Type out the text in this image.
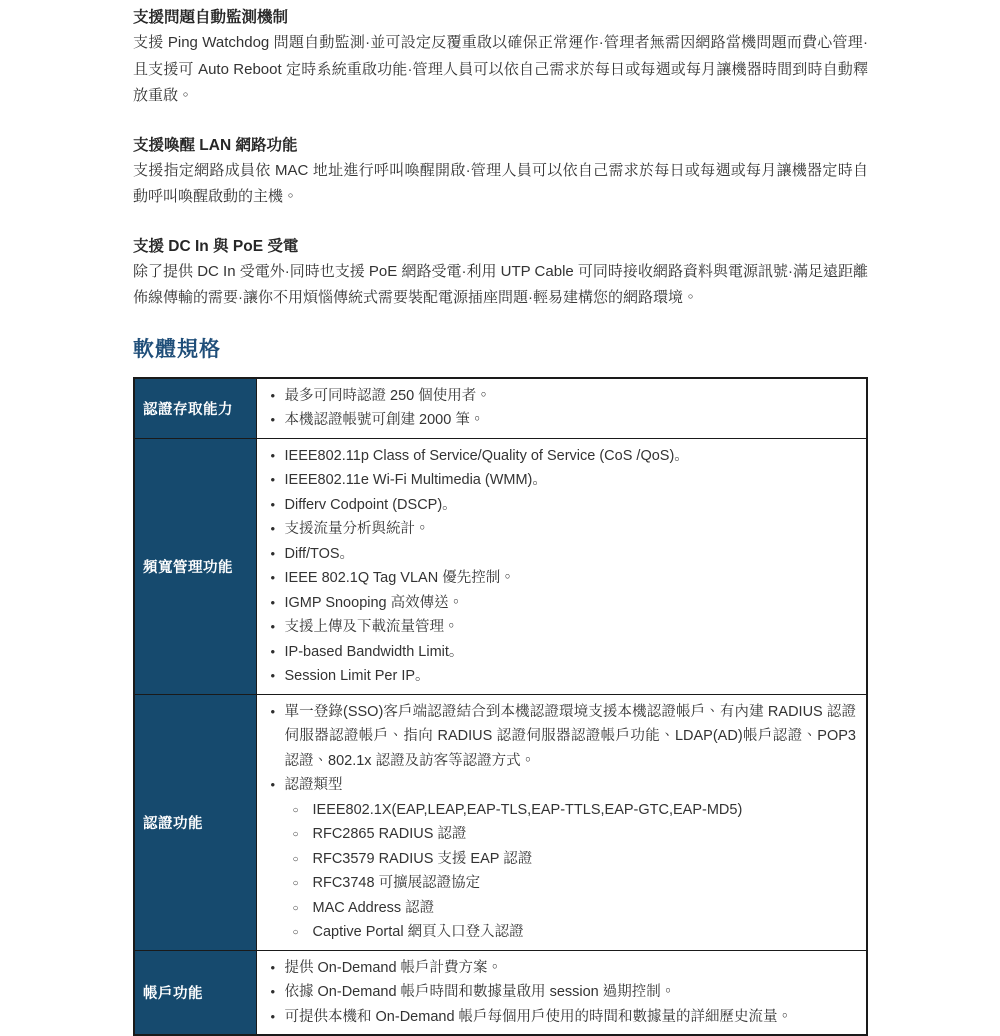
支援問題自動監測機制
支援 Ping Watchdog 問題自動監測·並可設定反覆重啟以確保正常運作·管理者無需因網路當機問題而費心管理·且支援可 Auto Reboot 定時系統重啟功能·管理人員可以依自己需求於每日或每週或每月讓機器時間到時自動釋放重啟。
支援喚醒 LAN 網路功能
支援指定網路成員依 MAC 地址進行呼叫喚醒開啟·管理人員可以依自己需求於每日或每週或每月讓機器定時自動呼叫喚醒啟動的主機。
支援 DC In 與 PoE 受電
除了提供 DC In 受電外·同時也支援 PoE 網路受電·利用 UTP Cable 可同時接收網路資料與電源訊號·滿足遠距離佈線傳輸的需要·讓你不用煩惱傳統式需要裝配電源插座問題·輕易建構您的網路環境。
軟體規格
認證存取能力	
• 最多可同時認證 250 個使用者。
• 本機認證帳號可創建 2000 筆。

頻寬管理功能	
• IEEE802.11p Class of Service/Quality of Service (CoS /QoS)。
• IEEE802.11e Wi-Fi Multimedia (WMM)。
• Differv Codpoint (DSCP)。
• 支援流量分析與統計。
• Diff/TOS。
• IEEE 802.1Q Tag VLAN 優先控制。
• IGMP Snooping 高效傳送。
• 支援上傳及下載流量管理。
• IP-based Bandwidth Limit。
• Session Limit Per IP。

認證功能	
• 單一登錄(SSO)客戶端認證結合到本機認證環境支援本機認證帳戶、有內建 RADIUS 認證伺服器認證帳戶、指向 RADIUS 認證伺服器認證帳戶功能、LDAP(AD)帳戶認證、POP3 認證、802.1x 認證及訪客等認證方式。
• 認證類型
○ IEEE802.1X(EAP,LEAP,EAP-TLS,EAP-TTLS,EAP-GTC,EAP-MD5)
○ RFC2865 RADIUS 認證
○ RFC3579 RADIUS 支援 EAP 認證
○ RFC3748 可擴展認證協定
○ MAC Address 認證
○ Captive Portal 網頁入口登入認證

帳戶功能	
• 提供 On-Demand 帳戶計費方案。
• 依據 On-Demand 帳戶時間和數據量啟用 session 過期控制。
• 可提供本機和 On-Demand 帳戶每個用戶使用的時間和數據量的詳細歷史流量。
